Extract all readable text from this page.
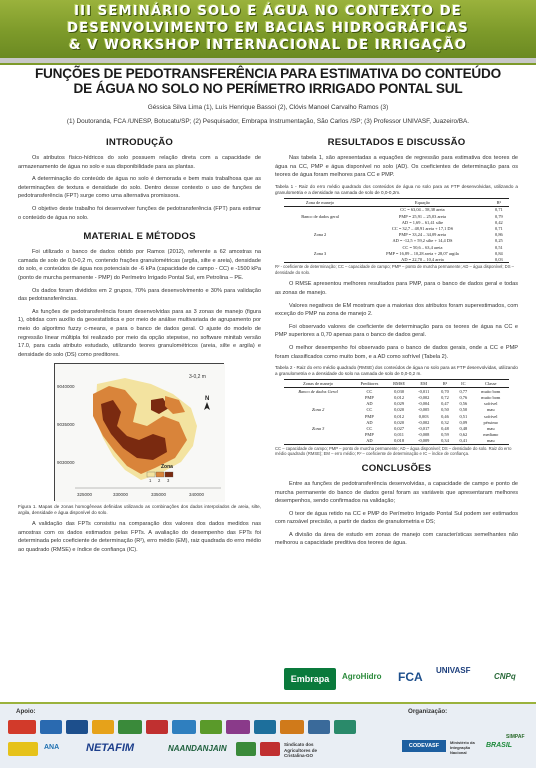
III SEMINÁRIO SOLO E ÁGUA NO CONTEXTO DE
DESENVOLVIMENTO EM BACIAS HIDROGRÁFICAS
& V WORKSHOP INTERNACIONAL DE IRRIGAÇÃO
FUNÇÕES DE PEDOTRANSFERÊNCIA PARA ESTIMATIVA DO CONTEÚDO
DE ÁGUA NO SOLO NO PERÍMETRO IRRIGADO PONTAL SUL
Géssica Silva Lima (1), Luís Henrique Bassoi (2), Clóvis Manoel Carvalho Ramos (3)
(1) Doutoranda, FCA /UNESP, Botucatu/SP; (2) Pesquisador, Embrapa Instrumentação, São Carlos /SP; (3) Professor UNIVASF, Juazeiro/BA.
INTRODUÇÃO

Os atributos físico-hídricos do solo possuem relação direta com a capacidade de armazenamento de água no solo e sua disponibilidade para as plantas.

A determinação do conteúdo de água no solo é demorada e bem mais trabalhosa que as determinações de textura e densidade do solo. Dentro desse contexto o uso de funções de pedotransferência (FPT) surge como uma alternativa promissora.

O objetivo deste trabalho foi desenvolver funções de pedotransferência (FPT) para estimar o conteúdo de água no solo.

MATERIAL E MÉTODOS

Foi utilizado o banco de dados obtido por Ramos (2012), referente a 62 amostras na camada de solo de 0,0-0,2 m, contendo frações granulométricas (argila, silte e areia), densidade do solo, e conteúdos de água nos potenciais de -6 kPa (capacidade de campo - CC) e -1500 kPa (ponto de murcha permanente - PMP) do Perímetro Irrigado Pontal Sul, em Petrolina – PE.

Os dados foram divididos em 2 grupos, 70% para desenvolvimento e 30% para validação das pedotransferências.

As funções de pedotransferência foram desenvolvidas para as 3 zonas de manejo (figura 1), obtidas com auxílio da geoestatística e por meio de análise multivariada de agrupamento por meio do algoritmo fuzzy c-means, e para o banco de dados geral. O ajuste do modelo de regressão linear múltipla foi realizado por meio da opção stepwise, no software minitab versão 17.0, para cada atributo estudado, utilizando teores granulométricos (areia, silte e argila) e densidade do solo (DS) como preditores.

3-0,2 m
N
9040000
9035000
9030000
Zona
1 2 3
325000	330000	335000	340000
Figura 1. Mapas de zonas homogêneas definidas utilizando as combinações dos dados interpolados de areia, silte, argila, densidade e água disponível do solo.

A validação das FPTs consistiu na comparação dos valores dos dados medidos nas amostras com os dados estimados pelas FPTs. A avaliação do desempenho das FPTs foi determinada pelo coeficiente de determinação (R²), erro médio (EM), raiz quadrada do erro médio ao quadrado (RMSE) e índice de confiança (IC).

RESULTADOS E DISCUSSÃO

Nas tabela 1, são apresentadas a equações de regressão para estimativa dos teores de água na CC, PMP e água disponível no solo (AD). Os coeficientes de determinação para os teores de água foram melhores para CC e PMP.

Tabela 1 - Raiz do erro médio quadrado dos conteúdos de água no solo para as FTP desenvolvidas, utilizando a granulometria e a densidade na camada de solo de 0,0-0,2m.
Zona de manejo	Equação	R²
	CC = 63,04 – 58,38 areia	0,71
Banco de dados geral	PMP = 25,91 – 25,03 areia	0,79
	AD = 1,69 – 61,41 silte	0,42
	CC = 32,7 – 48,91 areia + 17,1 DS	0,71
Zona 2	PMP = 33,24 – 34,09 areia	0,86
	AD = -12,5 + 59,2 silte + 14,4 DS	0,25
	CC = 50,6 – 63,4 areia	0,51
Zona 3	PMP = 16,89 – 10,28 areia + 28,07 argila	0,84
	AD = 22,70 – 10,4 areia	0,03
R² - coeficiente de determinação; CC – capacidade de campo; PMP – ponto de murcha permanente; AD – água disponível; DS – densidade do solo.

O RMSE apresentou melhores resultados para PMP, para o banco de dados geral e todas as zonas de manejo.

Valores negativos de EM mostram que a maiorias dos atributos foram superestimados, com exceção do PMP na zona de manejo 2.

Foi observado valores de coeficiente de determinação para os teores de água na CC e PMP superiores a 0,70 apenas para o banco de dados geral.

O melhor desempenho foi observado para o banco de dados gerais, onde a CC e PMP foram classificados como muito bom, e a AD como sofrível (Tabela 2).

Tabela 2 - Raiz do erro médio quadrado (RMSE) dos conteúdos de água no solo para as FTP desenvolvidas, utilizando a granulometria e a densidade do solo na camada de solo de 0,0-0,2 m.
Zonas de manejo	Preditores	RMSE	EM	R²	IC	Classe
Banco de dados Geral	CC	0,030	-0,011	0,70	0,77	muito bom
	PMP	0,012	-0,002	0,72	0,76	muito bom
	AD	0,029	-0,004	0,47	0,56	sofrível
Zona 2	CC	0,020	-0,005	0,50	0,50	mau
	PMP	0,012	0,003	0,46	0,51	sofrível
	AD	0,020	-0,002	0,32	0,09	péssimo
Zona 3	CC	0,027	-0,017	0,48	0,48	mau
	PMP	0,011	-0,008	0,59	0,62	mediano
	AD	0,018	-0,009	0,34	0,41	mau
CC – capacidade de campo; PMP – ponto de murcha permanente; AD – água disponível; DS – densidade do solo. Raiz do erro médio quadrado (RMSE); EM – erro médio; R² – coeficiente de determinação e IC – índice de confiança.
CONCLUSÕES

Entre as funções de pedotransferência desenvolvidas, a capacidade de campo e ponto de murcha permanente do banco de dados geral foram as variáveis que apresentaram melhores desempenhos, sendo confirmados na validação;

O teor de água retido na CC e PMP do Perímetro Irrigado Pontal Sul podem ser estimados com razoável precisão, a partir de dados de granulometria e DS;

A divisão da área de estudo em zonas de manejo com características semelhantes não melhorou a capacidade preditiva dos teores de água.

Embrapa	AgroHidro FCA UNIVASF
CNPq
Apoio:	Organização:
ANA NETAFIM	NAANDANJAIN	Sindicato dos Agricultores de Cristalina-GO
CODEVASF
Ministério da Integração Nacional
BRASIL
SIMPAF
